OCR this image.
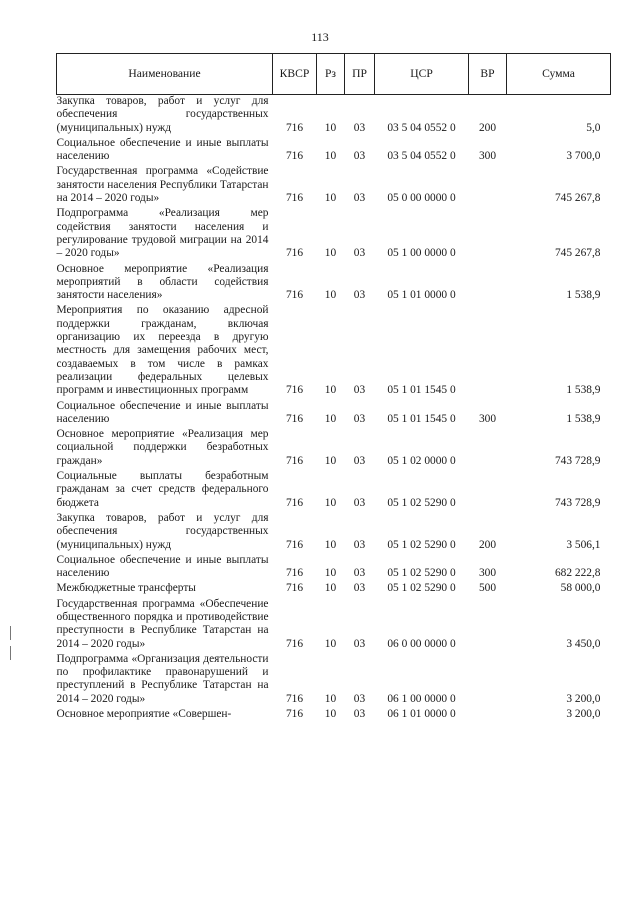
113
Наименование	КВСР	Рз	ПР	ЦСР	ВР	Сумма
Закупка товаров, работ и услуг для обеспечения государственных (муниципальных) нужд	716	10	03	03 5 04 0552 0	200	5,0
Социальное обеспечение и иные выплаты населению	716	10	03	03 5 04 0552 0	300	3 700,0
Государственная программа «Содействие занятости населения Республики Татарстан на 2014 – 2020 годы»	716	10	03	05 0 00 0000 0		745 267,8
Подпрограмма «Реализация мер содействия занятости населения и регулирование трудовой миграции на 2014 – 2020 годы»	716	10	03	05 1 00 0000 0		745 267,8
Основное мероприятие «Реализация мероприятий в области содействия занятости населения»	716	10	03	05 1 01 0000 0		1 538,9
Мероприятия по оказанию адресной поддержки гражданам, включая организацию их переезда в другую местность для замещения рабочих мест, создаваемых в том числе в рамках реализации федеральных целевых программ и инвестиционных программ	716	10	03	05 1 01 1545 0		1 538,9
Социальное обеспечение и иные выплаты населению	716	10	03	05 1 01 1545 0	300	1 538,9
Основное мероприятие «Реализация мер социальной поддержки безработных граждан»	716	10	03	05 1 02 0000 0		743 728,9
Социальные выплаты безработным гражданам за счет средств федерального бюджета	716	10	03	05 1 02 5290 0		743 728,9
Закупка товаров, работ и услуг для обеспечения государственных (муниципальных) нужд	716	10	03	05 1 02 5290 0	200	3 506,1
Социальное обеспечение и иные выплаты населению	716	10	03	05 1 02 5290 0	300	682 222,8
Межбюджетные трансферты	716	10	03	05 1 02 5290 0	500	58 000,0
Государственная программа «Обеспечение общественного порядка и противодействие преступности в Республике Татарстан на 2014 – 2020 годы»	716	10	03	06 0 00 0000 0		3 450,0
Подпрограмма «Организация деятельности по профилактике правонарушений и преступлений в Республике Татарстан на 2014 – 2020 годы»	716	10	03	06 1 00 0000 0		3 200,0
Основное мероприятие «Совершен-	716	10	03	06 1 01 0000 0		3 200,0
